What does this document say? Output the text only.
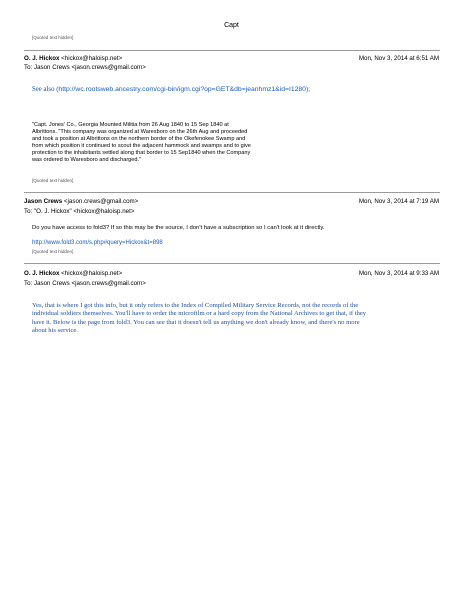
Capt
[Quoted text hidden]
O. J. Hickox <hickox@haloisp.net>	Mon, Nov 3, 2014 at 6:51 AM
To: Jason Crews <jason.crews@gmail.com>
See also (http://wc.rootsweb.ancestry.com/cgi-bin/igm.cgi?op=GET&db=jeanhmz1&id=I1280);
"Capt. Jones' Co., Georgia Mounted Militia from 26 Aug 1840 to 15 Sep 1840 at
Albrittons. "This company was organized at Waresboro on the 26th Aug and proceeded
and took a position at Albrittons on the northern border of the Okefenokee Swamp and
from which position it continued to scout the adjacent hammock and swamps and to give
protection to the inhabitants settled along that border to 15 Sep1840 when the Company
was ordered to Waresboro and discharged."
[Quoted text hidden]
Jason Crews <jason.crews@gmail.com>	Mon, Nov 3, 2014 at 7:19 AM
To: "O. J. Hickox" <hickox@haloisp.net>
Do you have access to fold3? If so this may be the source, I don't have a subscription so I can't look at it directly.
http://www.fold3.com/s.php#query=Hickox&t=898
[Quoted text hidden]
O. J. Hickox <hickox@haloisp.net>	Mon, Nov 3, 2014 at 9:33 AM
To: Jason Crews <jason.crews@gmail.com>
Yes, that is where I got this info, but it only refers to the Index of Compiled Military Service Records, not the records of the
individual soldiers themselves. You'll have to order the microfilm or a hard copy from the National Archives to get that, if they
have it. Below is the page from fold3. You can see that it doesn't tell us anything we don't already know, and there's no more
about his service.
